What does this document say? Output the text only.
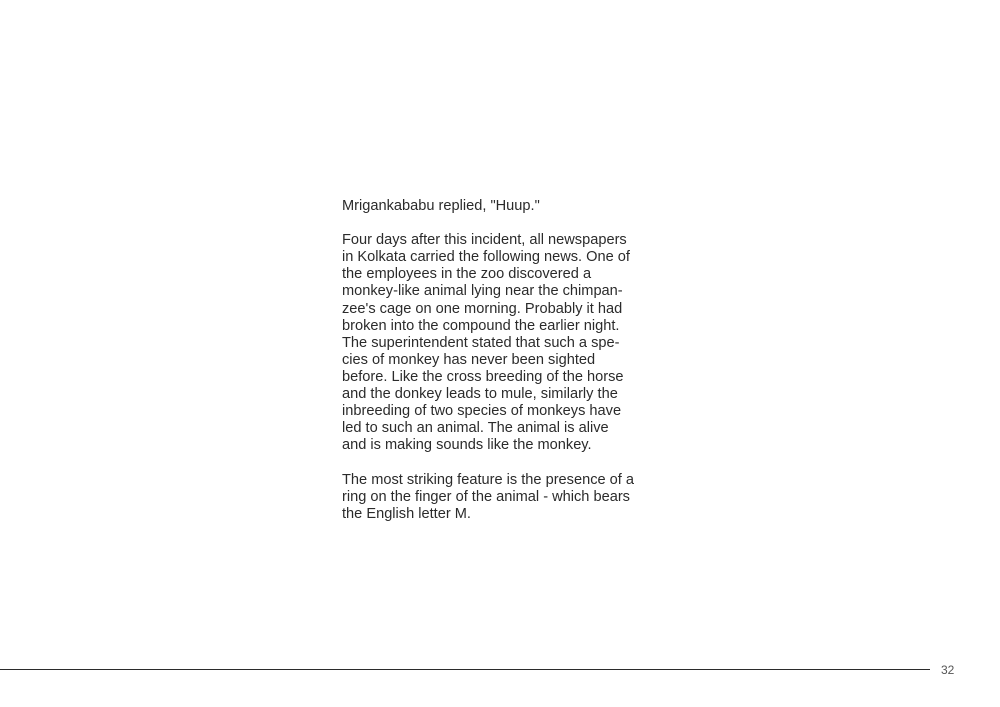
Mrigankababu replied, "Huup."

Four days after this incident, all newspapers
in Kolkata carried the following news. One of
the employees in the zoo discovered a
monkey-like animal lying near the chimpan-
zee's cage on one morning. Probably it had
broken into the compound the earlier night.
The superintendent stated that such a spe-
cies of monkey has never been sighted
before. Like the cross breeding of the horse
and the donkey leads to mule, similarly the
inbreeding of two species of monkeys have
led to such an animal. The animal is alive
and is making sounds like the monkey.

The most striking feature is the presence of a
ring on the finger of the animal - which bears
the English letter M.

32
